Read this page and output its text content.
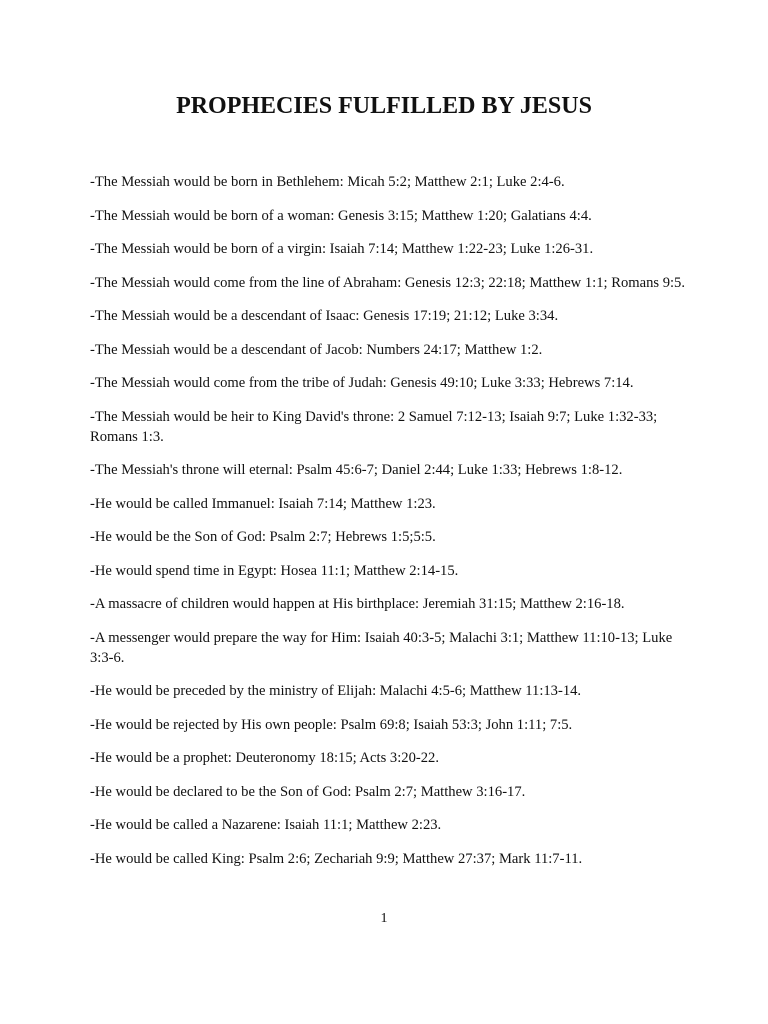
PROPHECIES FULFILLED BY JESUS
-The Messiah would be born in Bethlehem: Micah 5:2; Matthew 2:1; Luke 2:4-6.
-The Messiah would be born of a woman: Genesis 3:15; Matthew 1:20; Galatians 4:4.
-The Messiah would be born of a virgin: Isaiah 7:14; Matthew 1:22-23; Luke 1:26-31.
-The Messiah would come from the line of Abraham: Genesis 12:3; 22:18; Matthew 1:1; Romans 9:5.
-The Messiah would be a descendant of Isaac: Genesis 17:19; 21:12; Luke 3:34.
-The Messiah would be a descendant of Jacob: Numbers 24:17; Matthew 1:2.
-The Messiah would come from the tribe of Judah: Genesis 49:10; Luke 3:33; Hebrews 7:14.
-The Messiah would be heir to King David's throne: 2 Samuel 7:12-13; Isaiah 9:7; Luke 1:32-33; Romans 1:3.
-The Messiah's throne will eternal: Psalm 45:6-7; Daniel 2:44; Luke 1:33; Hebrews 1:8-12.
-He would be called Immanuel: Isaiah 7:14; Matthew 1:23.
-He would be the Son of God: Psalm 2:7; Hebrews 1:5;5:5.
-He would spend time in Egypt: Hosea 11:1; Matthew 2:14-15.
-A massacre of children would happen at His birthplace: Jeremiah 31:15; Matthew 2:16-18.
-A messenger would prepare the way for Him: Isaiah 40:3-5; Malachi 3:1; Matthew 11:10-13; Luke 3:3-6.
-He would be preceded by the ministry of Elijah: Malachi 4:5-6; Matthew 11:13-14.
-He would be rejected by His own people: Psalm 69:8; Isaiah 53:3; John 1:11; 7:5.
-He would be a prophet: Deuteronomy 18:15; Acts 3:20-22.
-He would be declared to be the Son of God: Psalm 2:7; Matthew 3:16-17.
-He would be called a Nazarene: Isaiah 11:1; Matthew 2:23.
-He would be called King: Psalm 2:6; Zechariah 9:9; Matthew 27:37; Mark 11:7-11.
1
